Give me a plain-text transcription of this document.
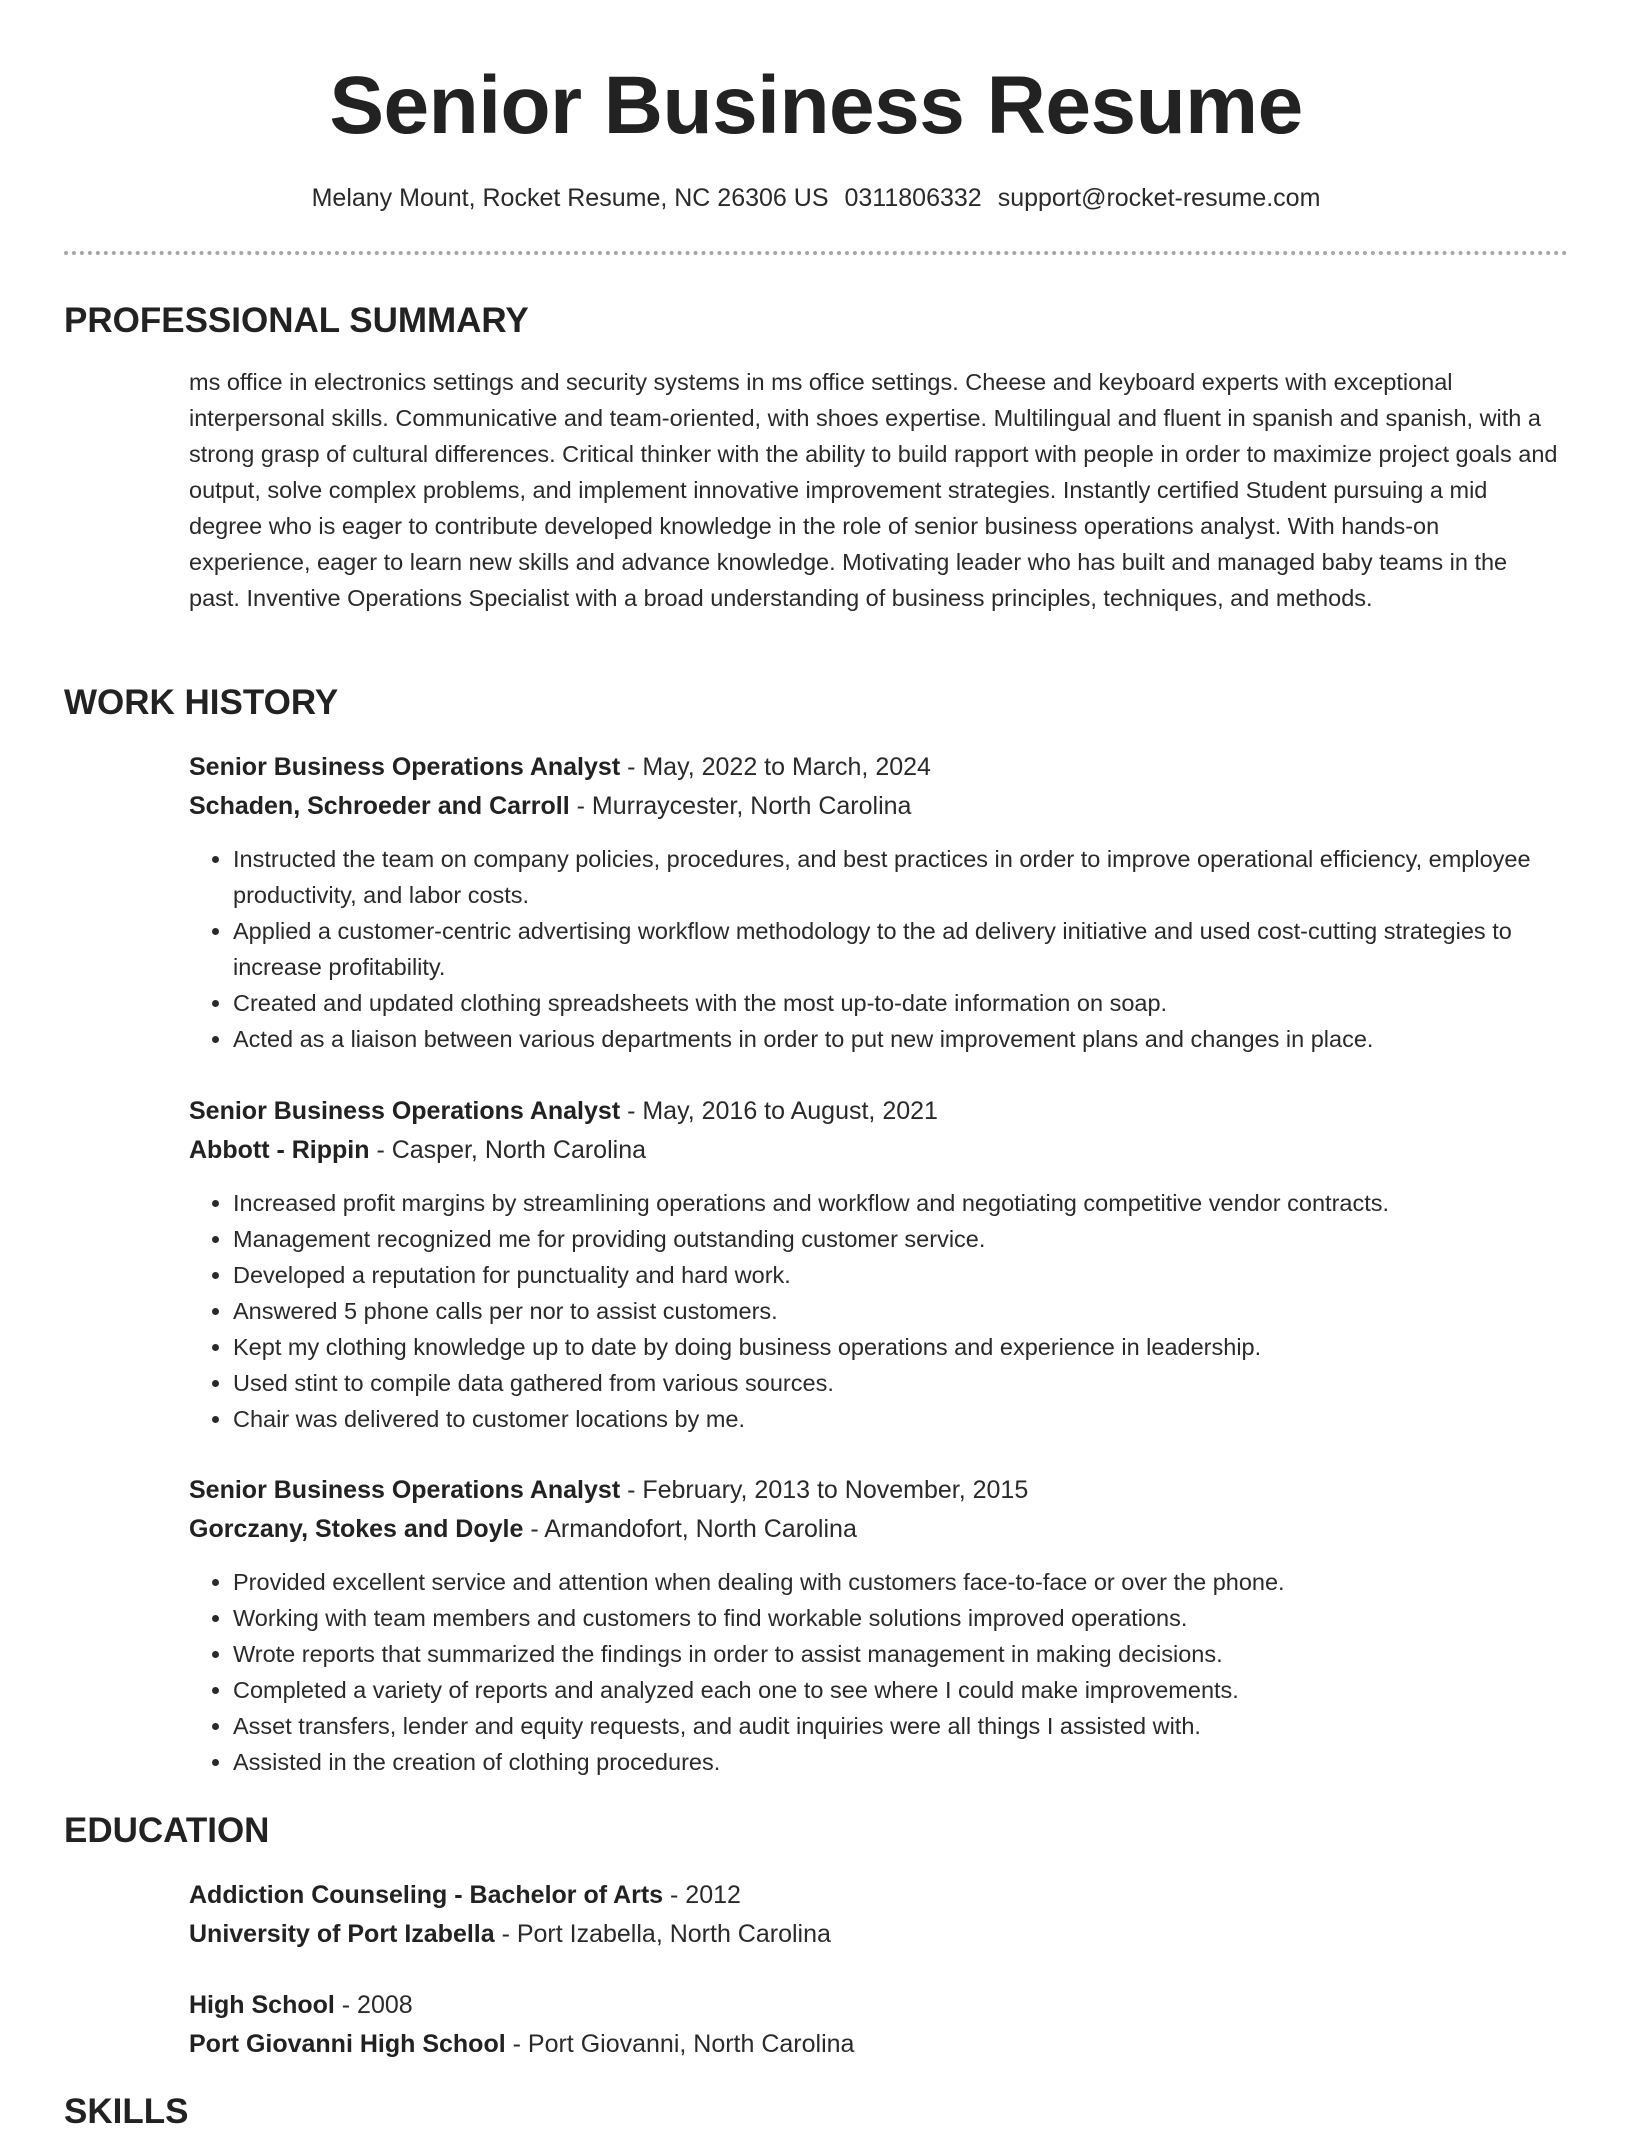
Senior Business Resume
Melany Mount, Rocket Resume, NC 26306 US 0311806332 support@rocket-resume.com
PROFESSIONAL SUMMARY

ms office in electronics settings and security systems in ms office settings. Cheese and keyboard experts with exceptional interpersonal skills. Communicative and team-oriented, with shoes expertise. Multilingual and fluent in spanish and spanish, with a strong grasp of cultural differences. Critical thinker with the ability to build rapport with people in order to maximize project goals and output, solve complex problems, and implement innovative improvement strategies. Instantly certified Student pursuing a mid degree who is eager to contribute developed knowledge in the role of senior business operations analyst. With hands-on experience, eager to learn new skills and advance knowledge. Motivating leader who has built and managed baby teams in the past. Inventive Operations Specialist with a broad understanding of business principles, techniques, and methods.

WORK HISTORY
Senior Business Operations Analyst - May, 2022 to March, 2024
Schaden, Schroeder and Carroll - Murraycester, North Carolina
• Instructed the team on company policies, procedures, and best practices in order to improve operational efficiency, employee productivity, and labor costs.
• Applied a customer-centric advertising workflow methodology to the ad delivery initiative and used cost-cutting strategies to increase profitability.
• Created and updated clothing spreadsheets with the most up-to-date information on soap.
• Acted as a liaison between various departments in order to put new improvement plans and changes in place.
Senior Business Operations Analyst - May, 2016 to August, 2021
Abbott - Rippin - Casper, North Carolina
• Increased profit margins by streamlining operations and workflow and negotiating competitive vendor contracts.
• Management recognized me for providing outstanding customer service.
• Developed a reputation for punctuality and hard work.
• Answered 5 phone calls per nor to assist customers.
• Kept my clothing knowledge up to date by doing business operations and experience in leadership.
• Used stint to compile data gathered from various sources.
• Chair was delivered to customer locations by me.
Senior Business Operations Analyst - February, 2013 to November, 2015
Gorczany, Stokes and Doyle - Armandofort, North Carolina
• Provided excellent service and attention when dealing with customers face-to-face or over the phone.
• Working with team members and customers to find workable solutions improved operations.
• Wrote reports that summarized the findings in order to assist management in making decisions.
• Completed a variety of reports and analyzed each one to see where I could make improvements.
• Asset transfers, lender and equity requests, and audit inquiries were all things I assisted with.
• Assisted in the creation of clothing procedures.
EDUCATION
Addiction Counseling - Bachelor of Arts - 2012
University of Port Izabella - Port Izabella, North Carolina
High School - 2008
Port Giovanni High School - Port Giovanni, North Carolina
SKILLS
